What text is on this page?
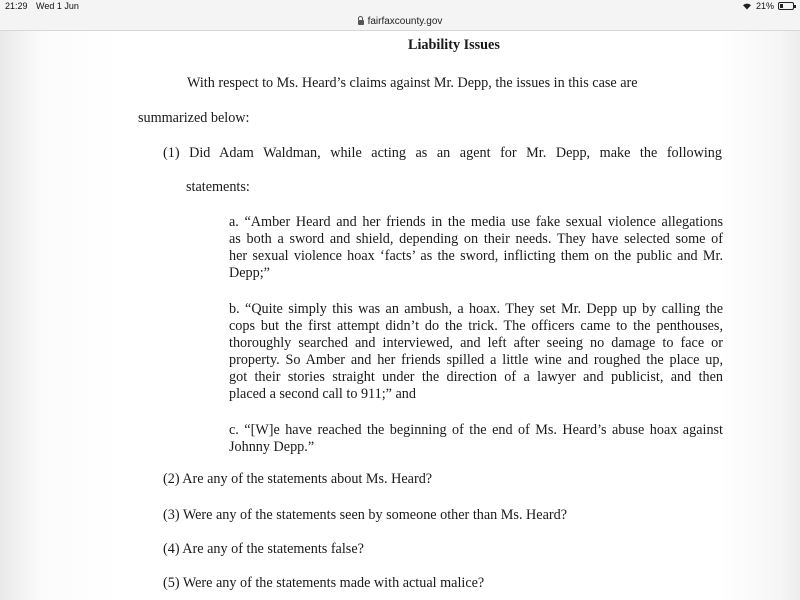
21:29 Wed 1 Jun	21%
fairfaxcounty.gov
Liability Issues
With respect to Ms. Heard’s claims against Mr. Depp, the issues in this case are
summarized below:
(1) Did Adam Waldman, while acting as an agent for Mr. Depp, make the following
statements:
a. “Amber Heard and her friends in the media use fake sexual violence allegations
as both a sword and shield, depending on their needs. They have selected some of
her sexual violence hoax ‘facts’ as the sword, inflicting them on the public and Mr.
Depp;”
b. “Quite simply this was an ambush, a hoax. They set Mr. Depp up by calling the
cops but the first attempt didn’t do the trick. The officers came to the penthouses,
thoroughly searched and interviewed, and left after seeing no damage to face or
property. So Amber and her friends spilled a little wine and roughed the place up,
got their stories straight under the direction of a lawyer and publicist, and then
placed a second call to 911;” and
c. “[W]e have reached the beginning of the end of Ms. Heard’s abuse hoax against
Johnny Depp.”
(2) Are any of the statements about Ms. Heard?
(3) Were any of the statements seen by someone other than Ms. Heard?
(4) Are any of the statements false?
(5) Were any of the statements made with actual malice?
